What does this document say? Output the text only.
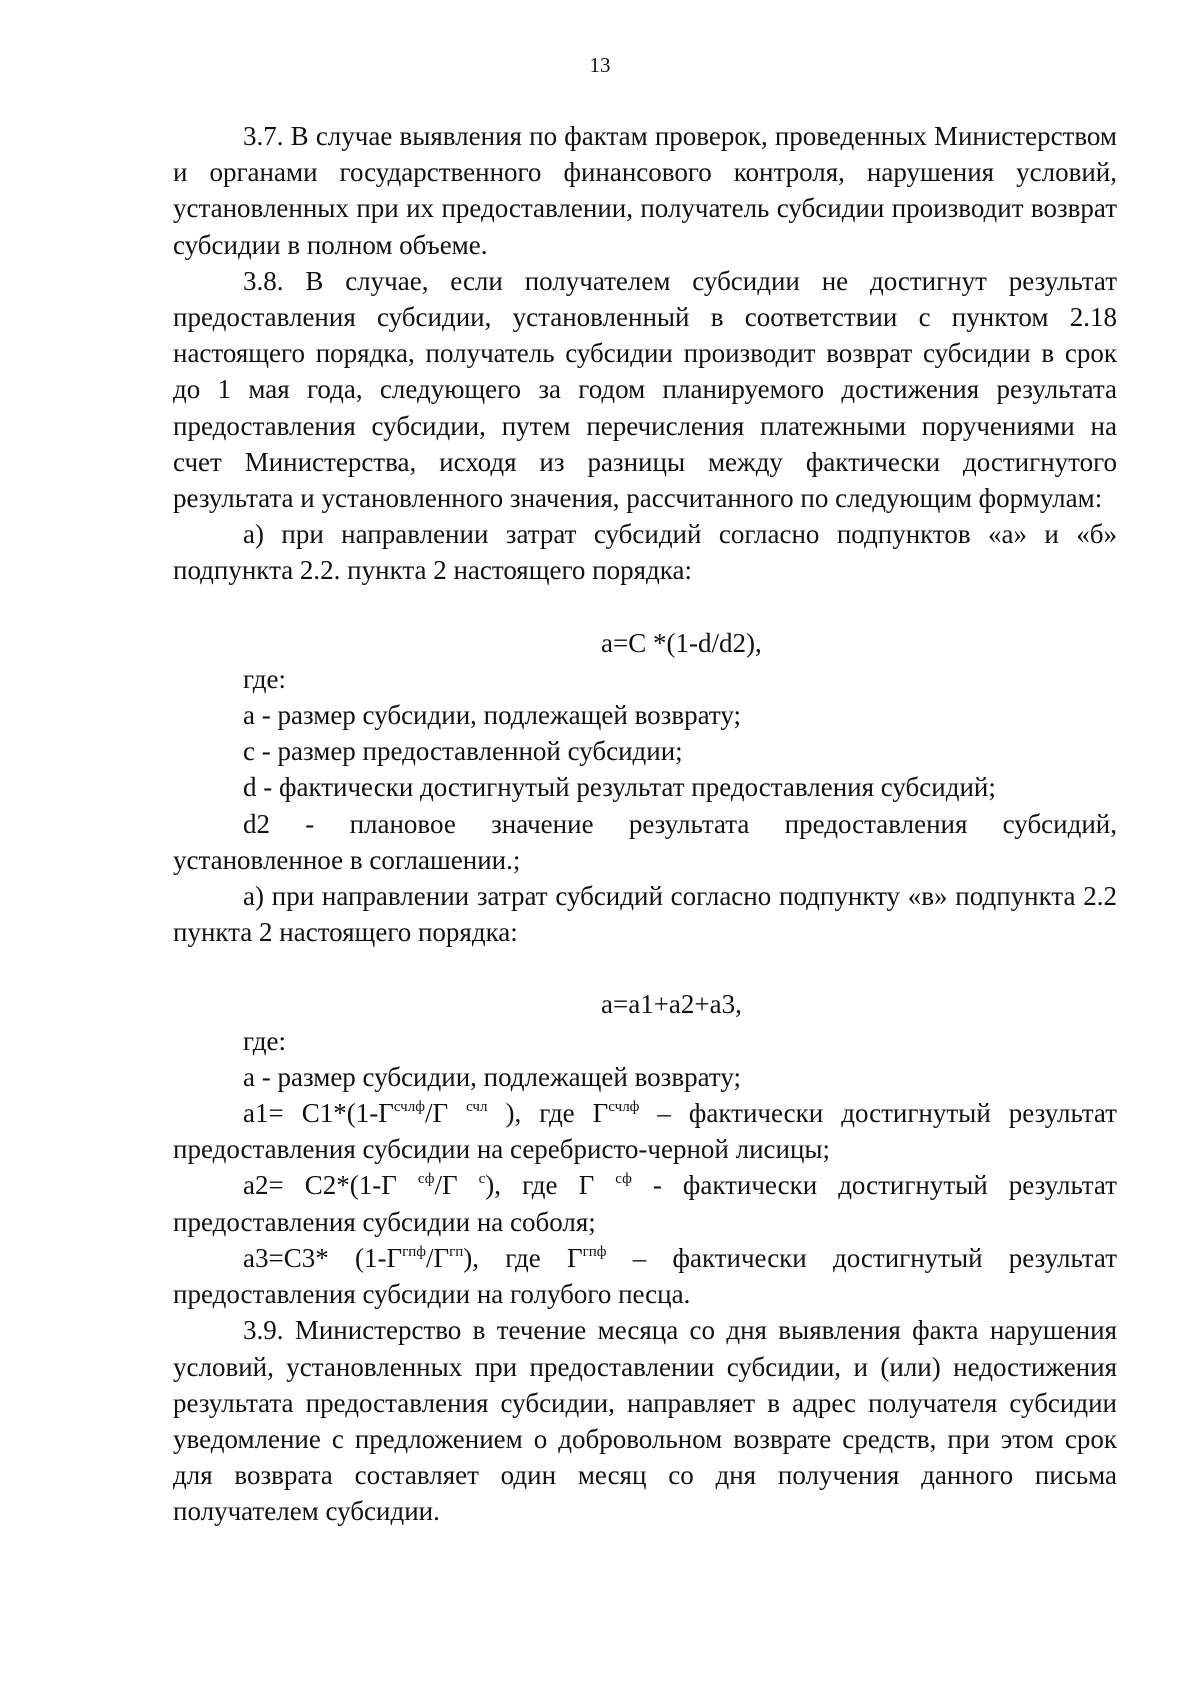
13

3.7. В случае выявления по фактам проверок, проведенных Министерством и органами государственного финансового контроля, нарушения условий, установленных при их предоставлении, получатель субсидии производит возврат субсидии в полном объеме.

3.8. В случае, если получателем субсидии не достигнут результат предоставления субсидии, установленный в соответствии с пунктом 2.18 настоящего порядка, получатель субсидии производит возврат субсидии в срок до 1 мая года, следующего за годом планируемого достижения результата предоставления субсидии, путем перечисления платежными поручениями на счет Министерства, исходя из разницы между фактически достигнутого результата и установленного значения, рассчитанного по следующим формулам:

а) при направлении затрат субсидий согласно подпунктов «а» и «б» подпункта 2.2. пункта 2 настоящего порядка:

a=C *(1-d/d2),

где:

а - размер субсидии, подлежащей возврату;

с - размер предоставленной субсидии;

d - фактически достигнутый результат предоставления субсидий;

d2 - плановое значение результата предоставления субсидий, установленное в соглашении.;

а) при направлении затрат субсидий согласно подпункту «в» подпункта 2.2 пункта 2 настоящего порядка:

a=a1+a2+a3,

где:

а - размер субсидии, подлежащей возврату;

$а1= С1*(1-Г^{счлф}/Г$ $^{счл}$ ), где $Г^{счлф}$ – фактически достигнутый результат предоставления субсидии на серебристо-черной лисицы;

а2= С2*(1-Г $^{сф}$/Г $^с$), где Г $^{сф}$ - фактически достигнутый результат предоставления субсидии на соболя;

а3=С3* $(1-Г^{гпф}/Г^{гп})$, где $Г^{гпф}$ – фактически достигнутый результат предоставления субсидии на голубого песца.

3.9. Министерство в течение месяца со дня выявления факта нарушения условий, установленных при предоставлении субсидии, и (или) недостижения результата предоставления субсидии, направляет в адрес получателя субсидии уведомление с предложением о добровольном возврате средств, при этом срок для возврата составляет один месяц со дня получения данного письма получателем субсидии.
